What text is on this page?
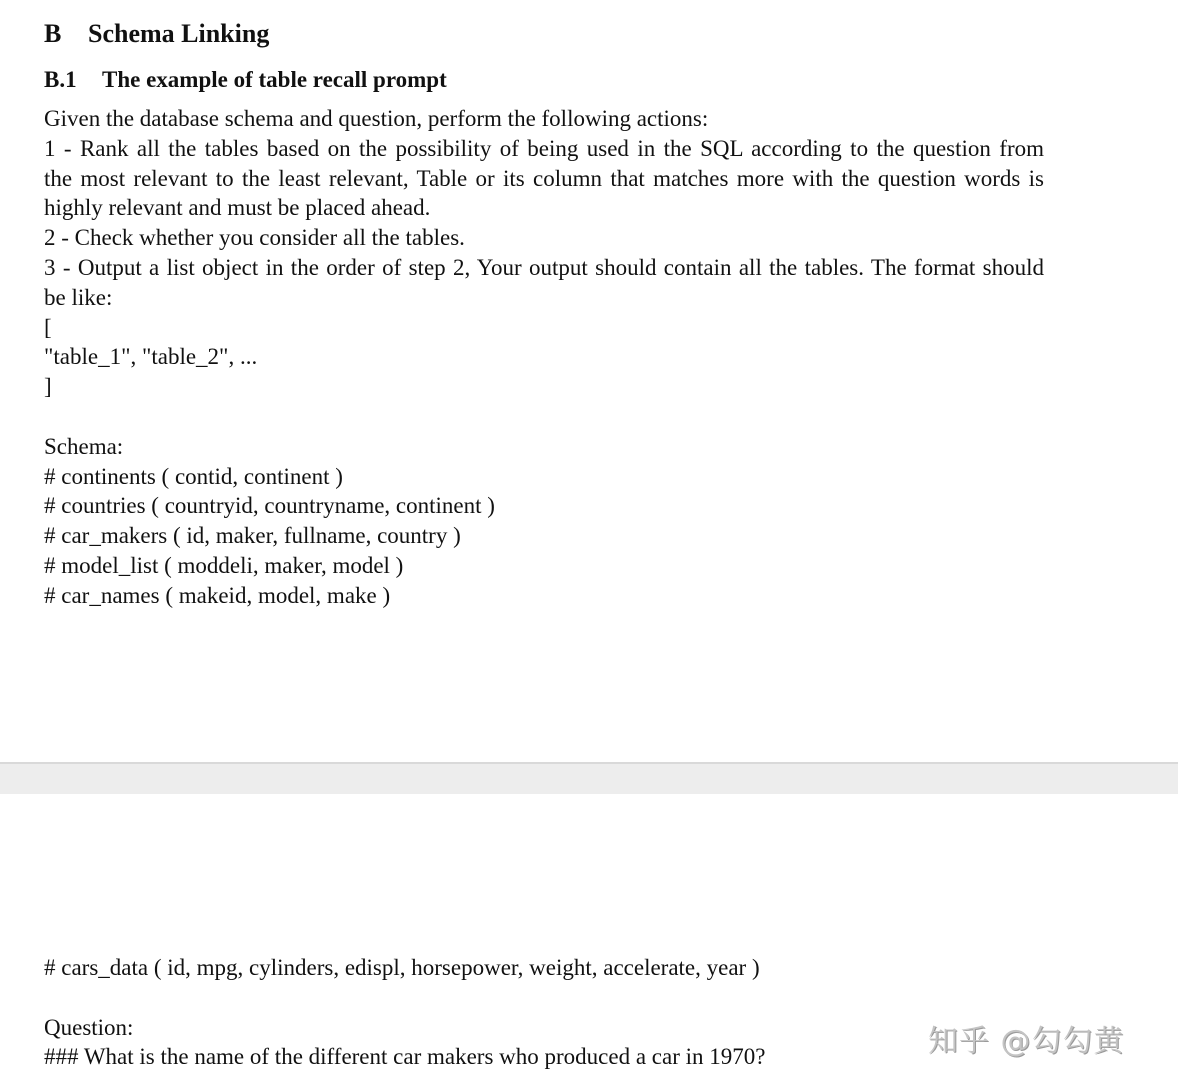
B Schema Linking
B.1 The example of table recall prompt
Given the database schema and question, perform the following actions:
1 - Rank all the tables based on the possibility of being used in the SQL according to the question from
the most relevant to the least relevant, Table or its column that matches more with the question words is
highly relevant and must be placed ahead.
2 - Check whether you consider all the tables.
3 - Output a list object in the order of step 2, Your output should contain all the tables. The format should
be like:
[
"table_1", "table_2", ...
]
Schema:
# continents ( contid, continent )
# countries ( countryid, countryname, continent )
# car_makers ( id, maker, fullname, country )
# model_list ( moddeli, maker, model )
# car_names ( makeid, model, make )
# cars_data ( id, mpg, cylinders, edispl, horsepower, weight, accelerate, year )
Question:
### What is the name of the different car makers who produced a car in 1970?	知乎 @勾勾黄
